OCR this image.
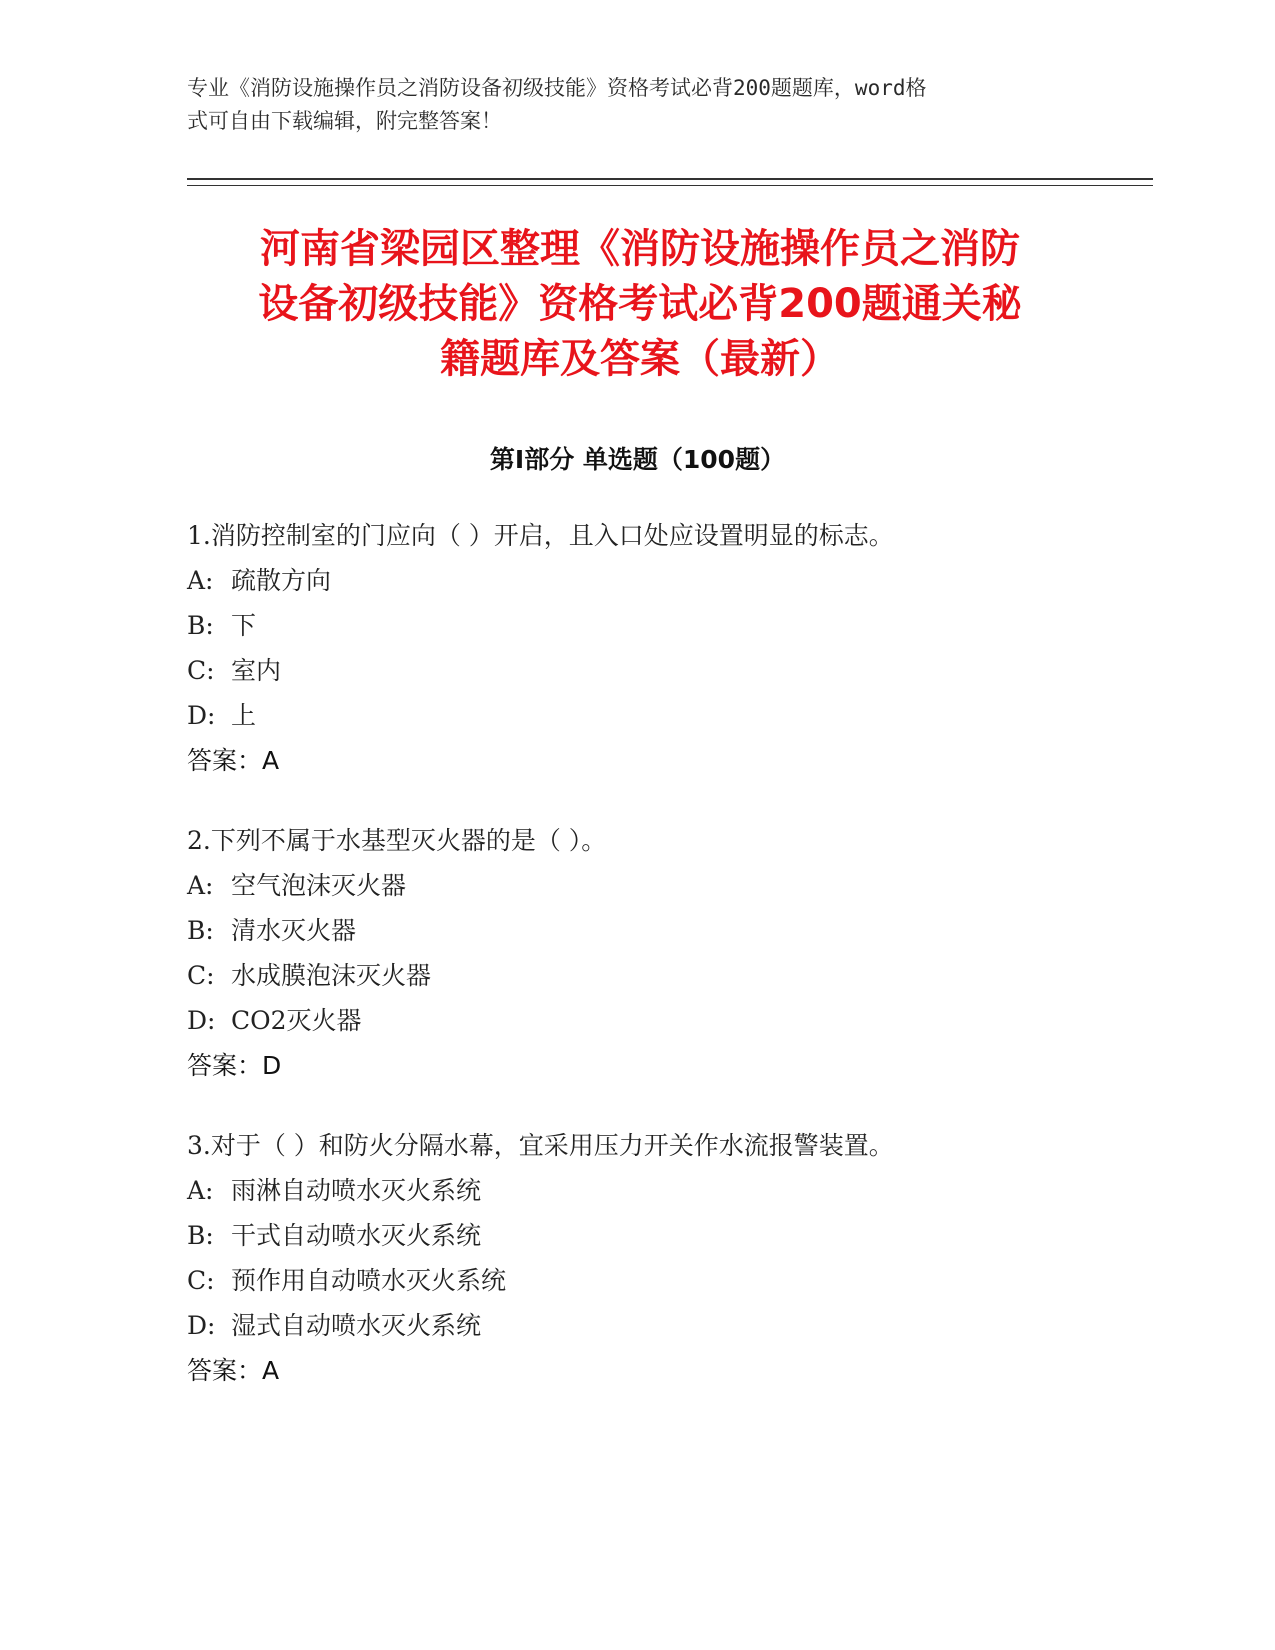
专业《消防设施操作员之消防设备初级技能》资格考试必背200题题库，word格
式可自由下载编辑，附完整答案！
河南省梁园区整理《消防设施操作员之消防
设备初级技能》资格考试必背200题通关秘
籍题库及答案（最新）
第Ⅰ部分 单选题（100题）
1.消防控制室的门应向（ ）开启，且入口处应设置明显的标志。
A: 疏散方向
B: 下
C: 室内
D: 上
答案：A
2.下列不属于水基型灭火器的是（ ）。
A: 空气泡沫灭火器
B: 清水灭火器
C: 水成膜泡沫灭火器
D: CO2灭火器
答案：D
3.对于（ ）和防火分隔水幕，宜采用压力开关作水流报警装置。
A: 雨淋自动喷水灭火系统
B: 干式自动喷水灭火系统
C: 预作用自动喷水灭火系统
D: 湿式自动喷水灭火系统
答案：A
